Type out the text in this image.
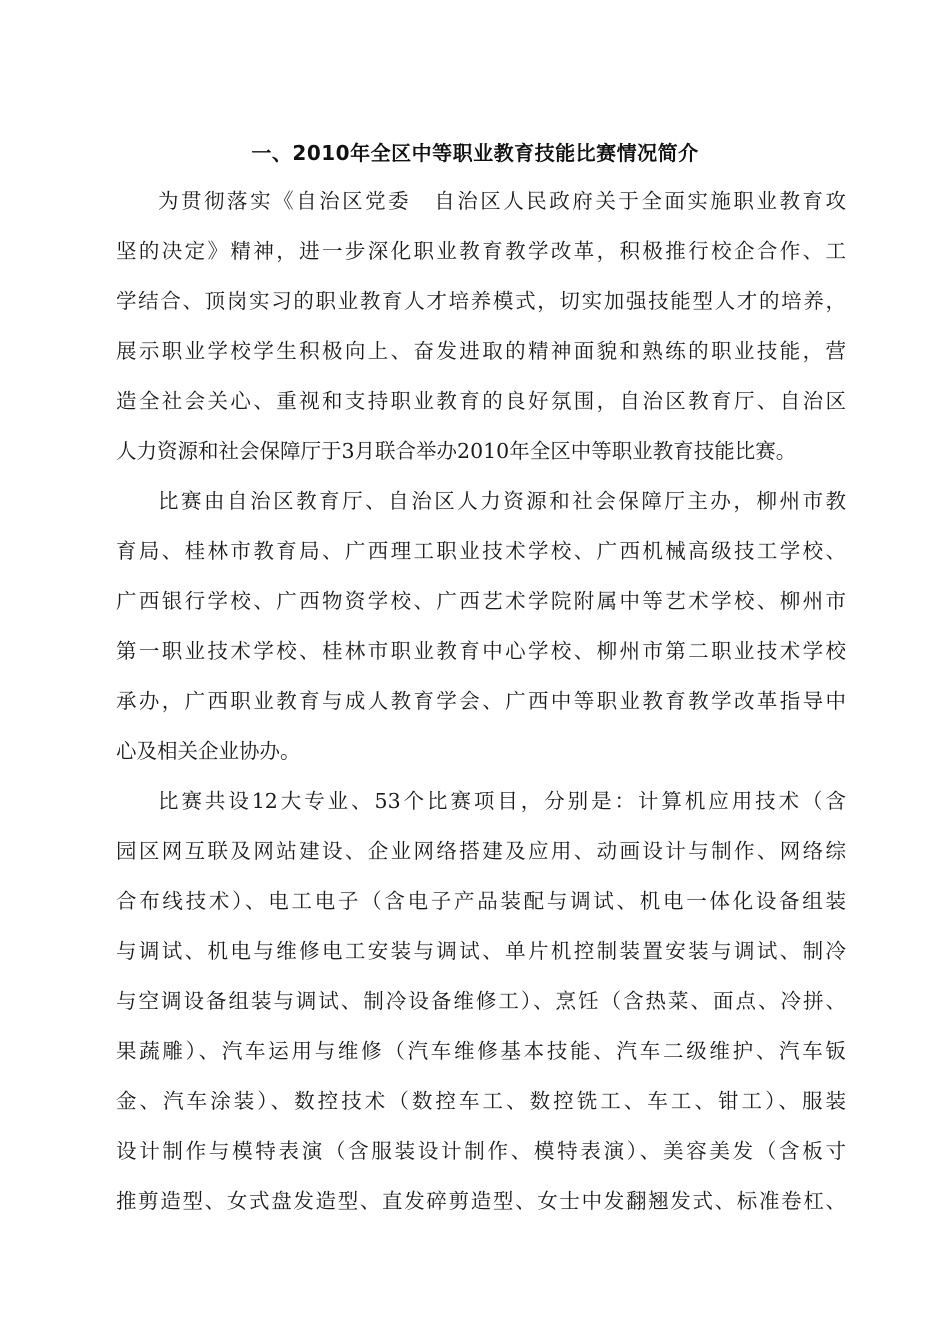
一、2010年全区中等职业教育技能比赛情况简介
为贯彻落实《自治区党委　自治区人民政府关于全面实施职业教育攻
坚的决定》精神，进一步深化职业教育教学改革，积极推行校企合作、工
学结合、顶岗实习的职业教育人才培养模式，切实加强技能型人才的培养，
展示职业学校学生积极向上、奋发进取的精神面貌和熟练的职业技能，营
造全社会关心、重视和支持职业教育的良好氛围，自治区教育厅、自治区
人力资源和社会保障厅于3月联合举办2010年全区中等职业教育技能比赛。
比赛由自治区教育厅、自治区人力资源和社会保障厅主办，柳州市教
育局、桂林市教育局、广西理工职业技术学校、广西机械高级技工学校、
广西银行学校、广西物资学校、广西艺术学院附属中等艺术学校、柳州市
第一职业技术学校、桂林市职业教育中心学校、柳州市第二职业技术学校
承办，广西职业教育与成人教育学会、广西中等职业教育教学改革指导中
心及相关企业协办。
比赛共设12大专业、53个比赛项目，分别是：计算机应用技术（含
园区网互联及网站建设、企业网络搭建及应用、动画设计与制作、网络综
合布线技术）、电工电子（含电子产品装配与调试、机电一体化设备组装
与调试、机电与维修电工安装与调试、单片机控制装置安装与调试、制冷
与空调设备组装与调试、制冷设备维修工）、烹饪（含热菜、面点、冷拼、
果蔬雕）、汽车运用与维修（汽车维修基本技能、汽车二级维护、汽车钣
金、汽车涂装）、数控技术（数控车工、数控铣工、车工、钳工）、服装
设计制作与模特表演（含服装设计制作、模特表演）、美容美发（含板寸
推剪造型、女式盘发造型、直发碎剪造型、女士中发翻翘发式、标准卷杠、
